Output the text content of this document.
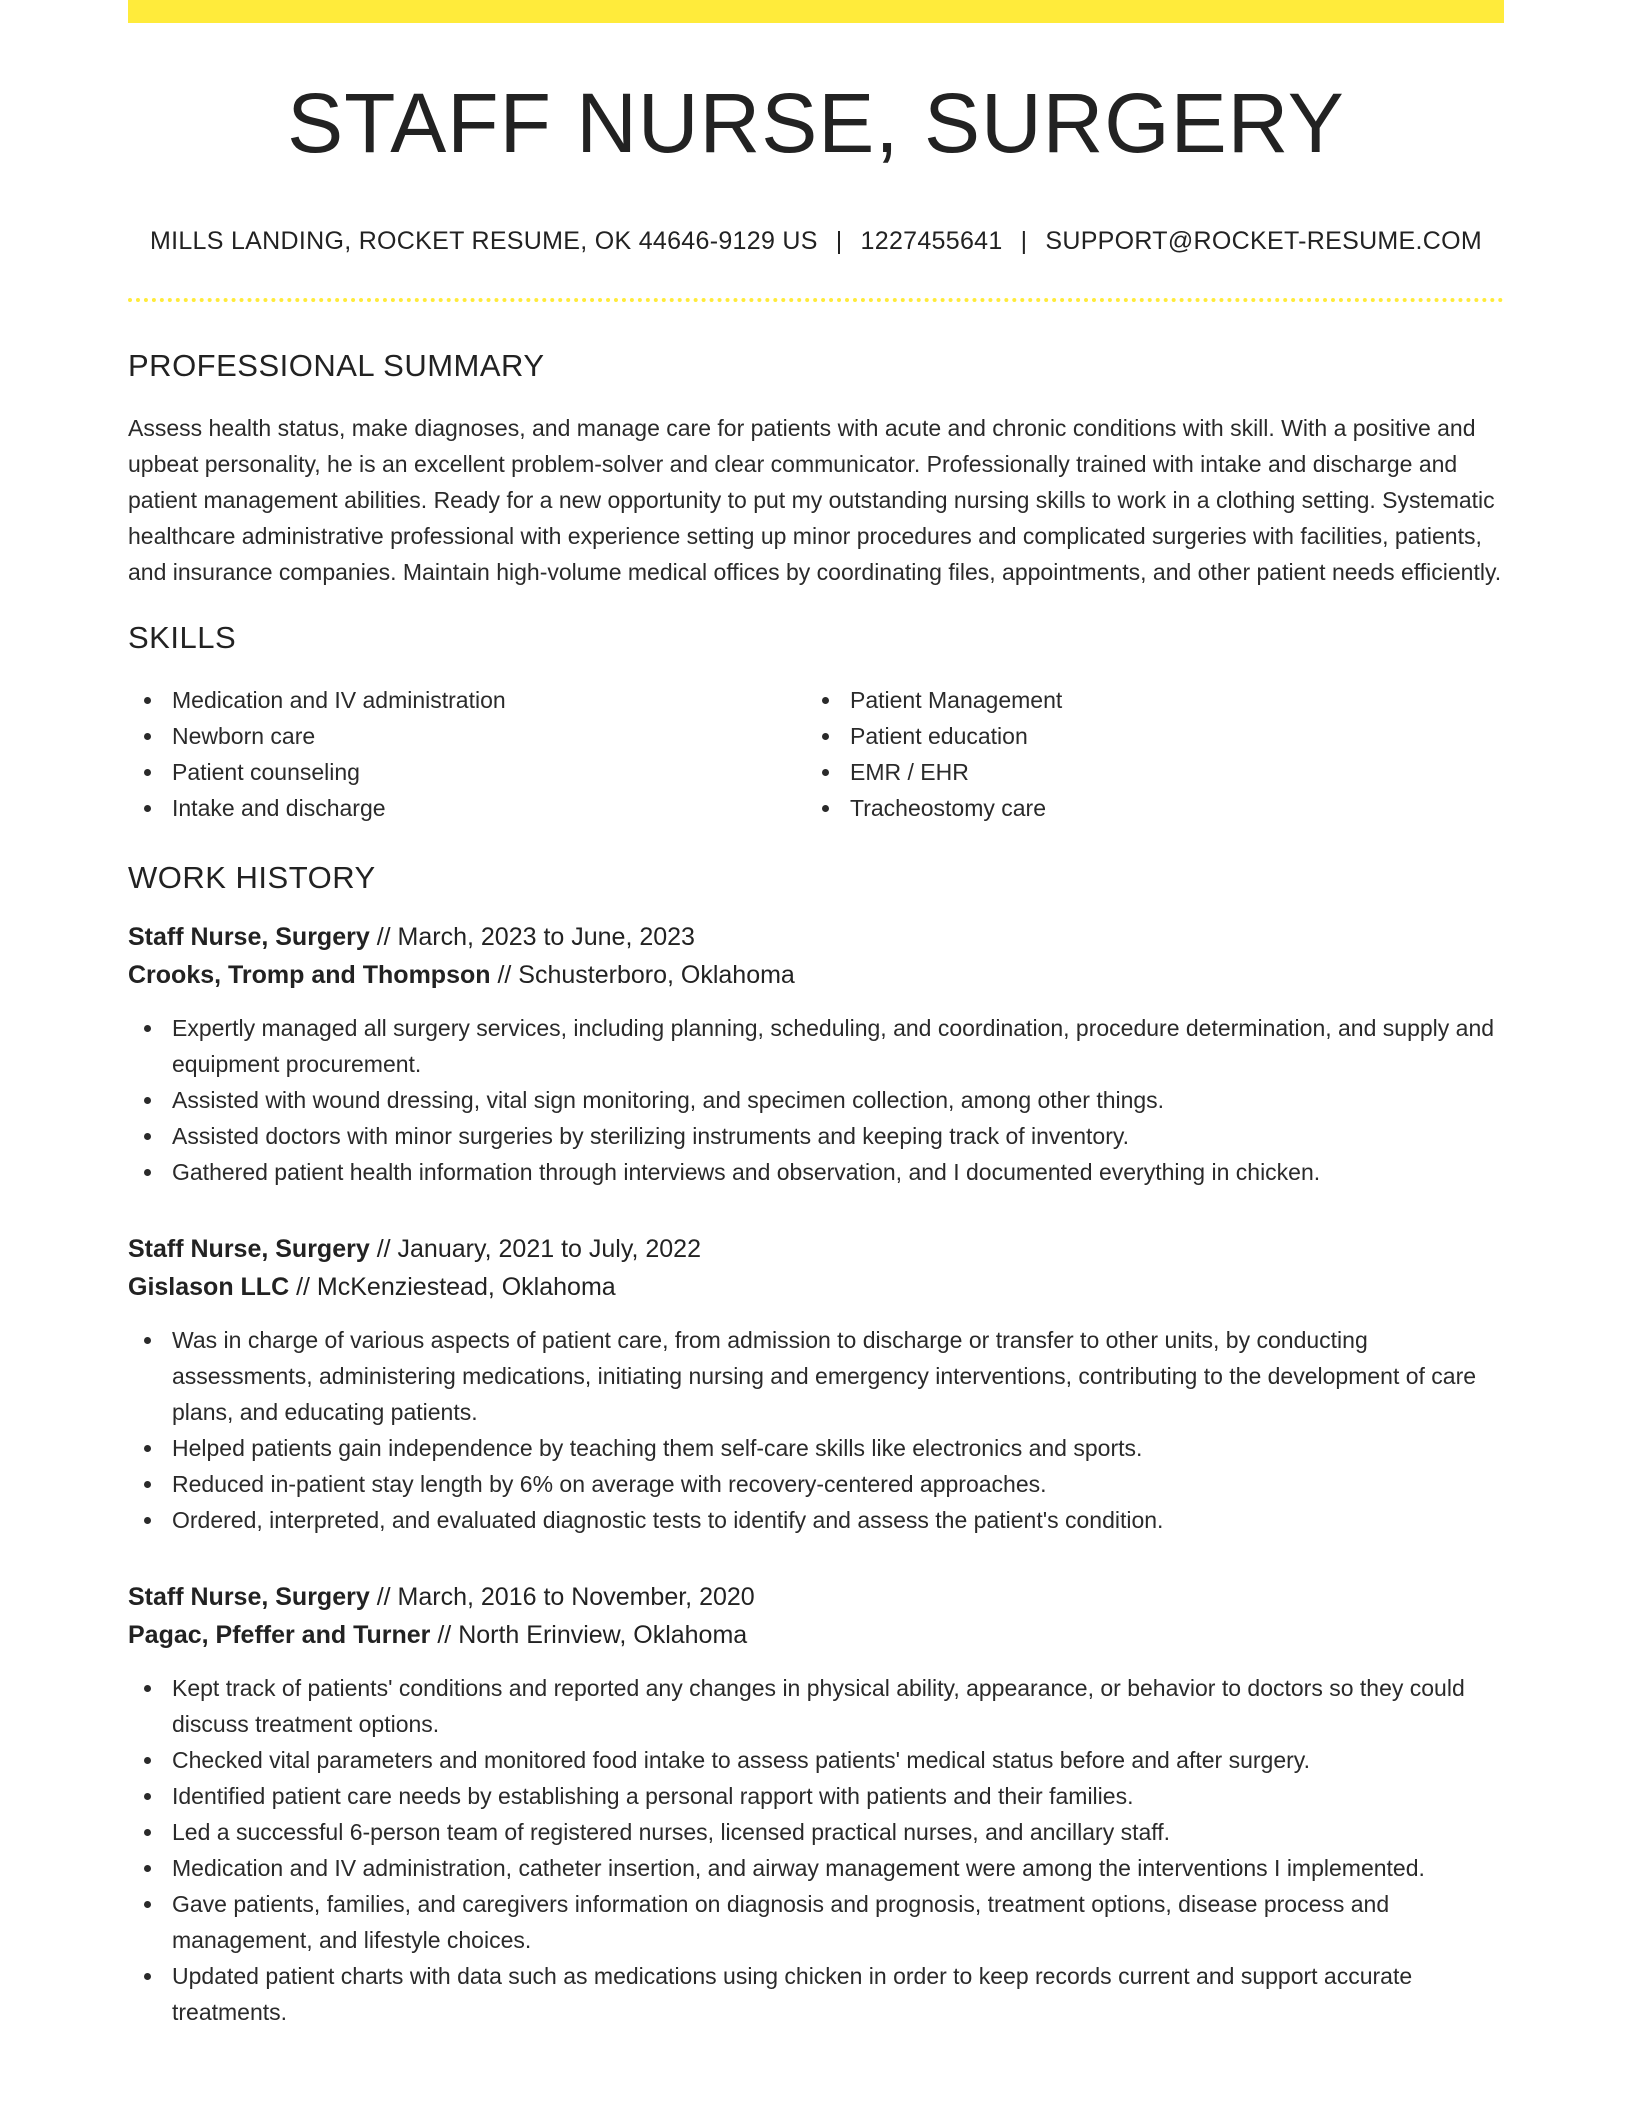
STAFF NURSE, SURGERY
MILLS LANDING, ROCKET RESUME, OK 44646-9129 US | 1227455641 | SUPPORT@ROCKET-RESUME.COM
PROFESSIONAL SUMMARY

Assess health status, make diagnoses, and manage care for patients with acute and chronic conditions with skill. With a positive and upbeat personality, he is an excellent problem-solver and clear communicator. Professionally trained with intake and discharge and patient management abilities. Ready for a new opportunity to put my outstanding nursing skills to work in a clothing setting. Systematic healthcare administrative professional with experience setting up minor procedures and complicated surgeries with facilities, patients, and insurance companies. Maintain high-volume medical offices by coordinating files, appointments, and other patient needs efficiently.

SKILLS
Medication and IV administration
Newborn care
Patient counseling
Intake and discharge
Patient Management
Patient education
EMR / EHR
Tracheostomy care
WORK HISTORY
Staff Nurse, Surgery // March, 2023 to June, 2023
Crooks, Tromp and Thompson // Schusterboro, Oklahoma
Expertly managed all surgery services, including planning, scheduling, and coordination, procedure determination, and supply and equipment procurement.
Assisted with wound dressing, vital sign monitoring, and specimen collection, among other things.
Assisted doctors with minor surgeries by sterilizing instruments and keeping track of inventory.
Gathered patient health information through interviews and observation, and I documented everything in chicken.
Staff Nurse, Surgery // January, 2021 to July, 2022
Gislason LLC // McKenziestead, Oklahoma
Was in charge of various aspects of patient care, from admission to discharge or transfer to other units, by conducting assessments, administering medications, initiating nursing and emergency interventions, contributing to the development of care plans, and educating patients.
Helped patients gain independence by teaching them self-care skills like electronics and sports.
Reduced in-patient stay length by 6% on average with recovery-centered approaches.
Ordered, interpreted, and evaluated diagnostic tests to identify and assess the patient's condition.
Staff Nurse, Surgery // March, 2016 to November, 2020
Pagac, Pfeffer and Turner // North Erinview, Oklahoma
Kept track of patients' conditions and reported any changes in physical ability, appearance, or behavior to doctors so they could discuss treatment options.
Checked vital parameters and monitored food intake to assess patients' medical status before and after surgery.
Identified patient care needs by establishing a personal rapport with patients and their families.
Led a successful 6-person team of registered nurses, licensed practical nurses, and ancillary staff.
Medication and IV administration, catheter insertion, and airway management were among the interventions I implemented.
Gave patients, families, and caregivers information on diagnosis and prognosis, treatment options, disease process and management, and lifestyle choices.
Updated patient charts with data such as medications using chicken in order to keep records current and support accurate treatments.
